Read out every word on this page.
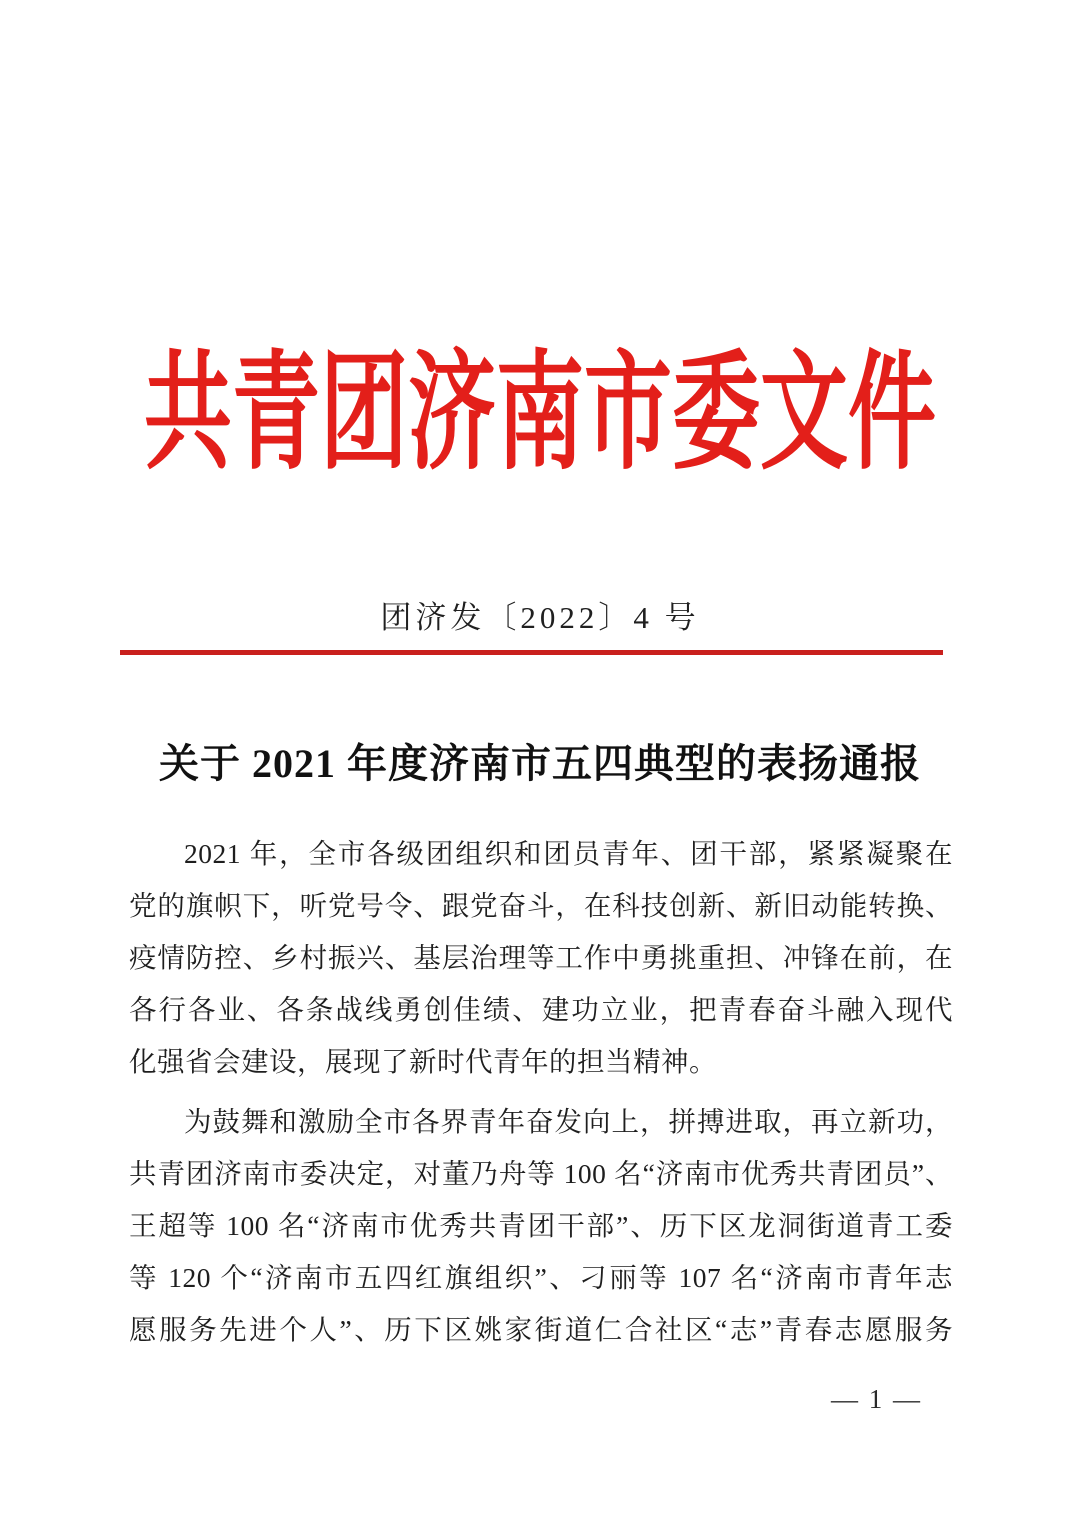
共青团济南市委文件
团济发〔2022〕4 号
关于 2021 年度济南市五四典型的表扬通报
2021 年，全市各级团组织和团员青年、团干部，紧紧凝聚在
党的旗帜下，听党号令、跟党奋斗，在科技创新、新旧动能转换、
疫情防控、乡村振兴、基层治理等工作中勇挑重担、冲锋在前，在
各行各业、各条战线勇创佳绩、建功立业，把青春奋斗融入现代
化强省会建设，展现了新时代青年的担当精神。
为鼓舞和激励全市各界青年奋发向上，拼搏进取，再立新功，
共青团济南市委决定，对董乃舟等 100 名“济南市优秀共青团员”、
王超等 100 名“济南市优秀共青团干部”、历下区龙洞街道青工委
等 120 个“济南市五四红旗组织”、刁丽等 107 名“济南市青年志
愿服务先进个人”、历下区姚家街道仁合社区“志”青春志愿服务
— 1 —
